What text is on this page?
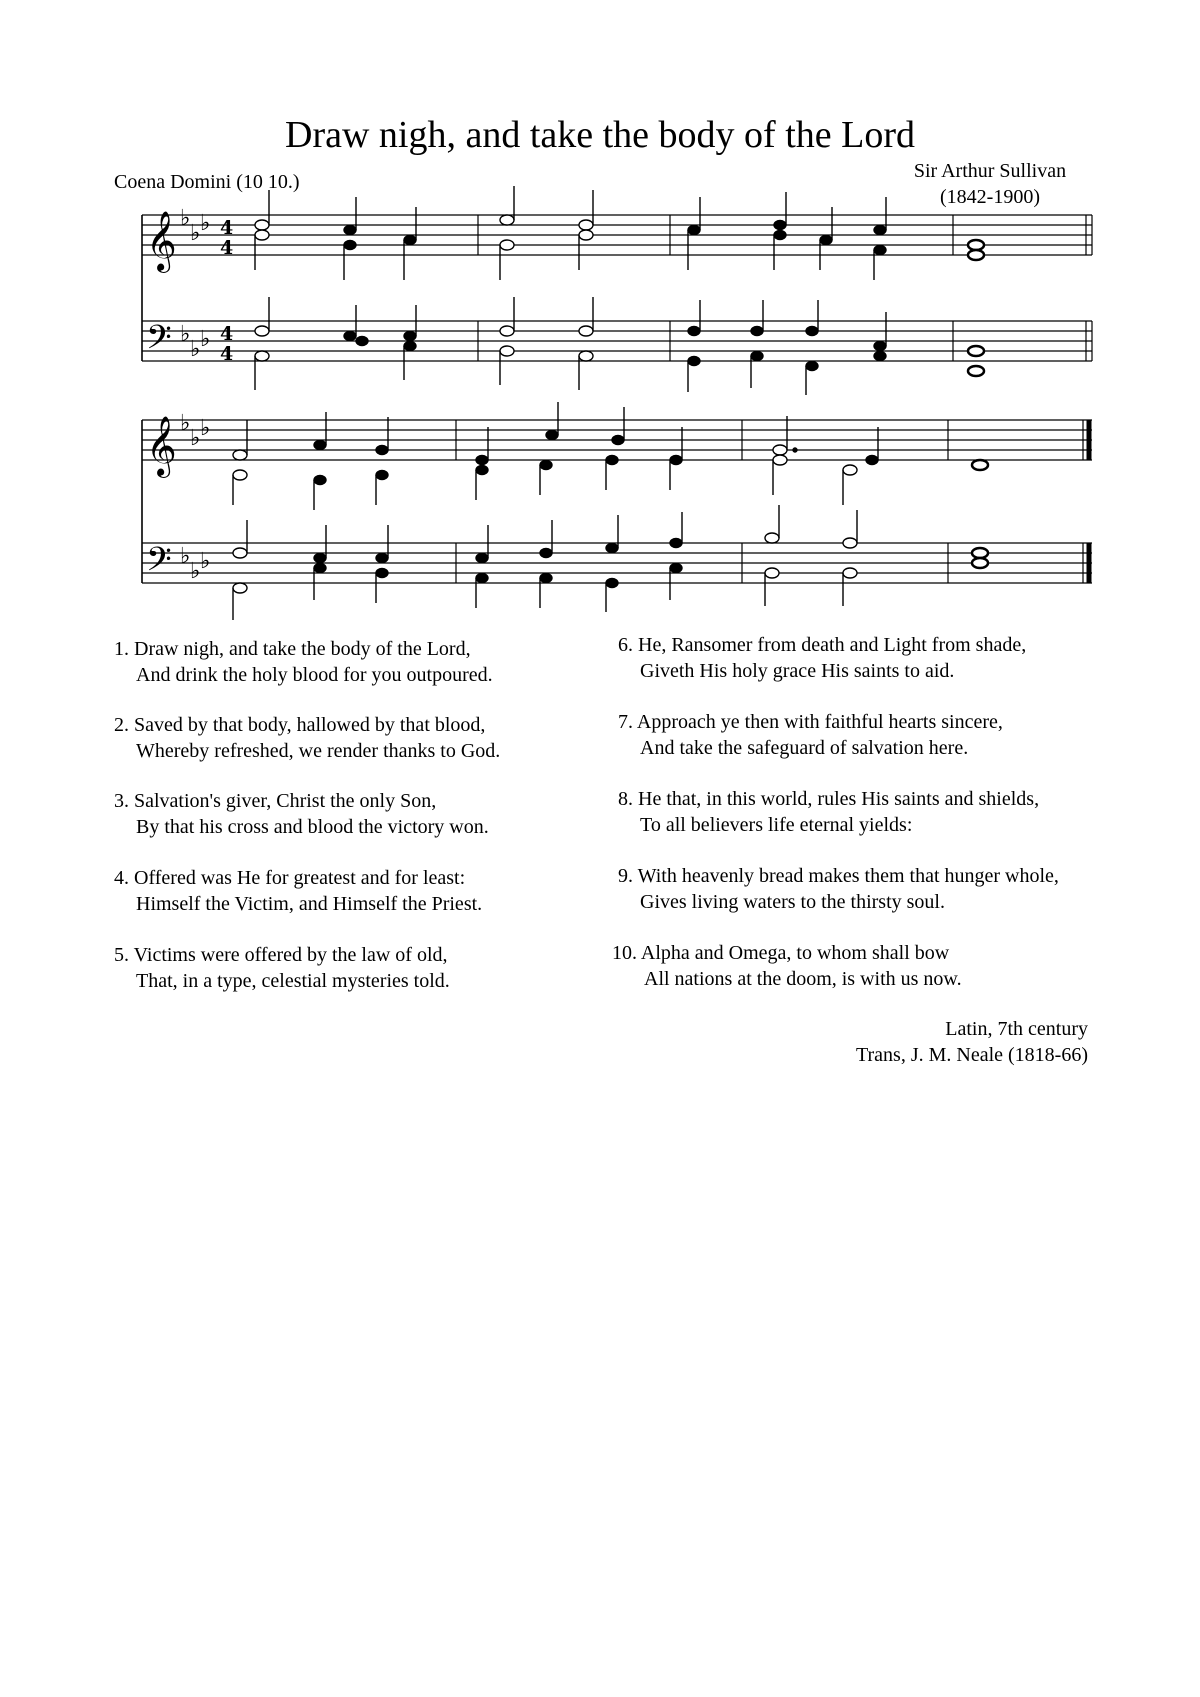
Draw nigh, and take the body of the Lord
Coena Domini (10 10.)	Sir Arthur Sullivan
(1842-1900)
𝄞
𝄢
𝄞
𝄢
♭
♭ ♭
♭
♭ ♭
♭
♭ ♭
♭
♭ ♭
4
4
4
4
1. Draw nigh, and take the body of the Lord,
And drink the holy blood for you outpoured.
2. Saved by that body, hallowed by that blood,
Whereby refreshed, we render thanks to God.
3. Salvation's giver, Christ the only Son,
By that his cross and blood the victory won.
4. Offered was He for greatest and for least:
Himself the Victim, and Himself the Priest.
5. Victims were offered by the law of old,
That, in a type, celestial mysteries told.
6. He, Ransomer from death and Light from shade,
Giveth His holy grace His saints to aid.
7. Approach ye then with faithful hearts sincere,
And take the safeguard of salvation here.
8. He that, in this world, rules His saints and shields,
To all believers life eternal yields:
9. With heavenly bread makes them that hunger whole,
Gives living waters to the thirsty soul.
10. Alpha and Omega, to whom shall bow
All nations at the doom, is with us now.
Latin, 7th century
Trans, J. M. Neale (1818-66)
